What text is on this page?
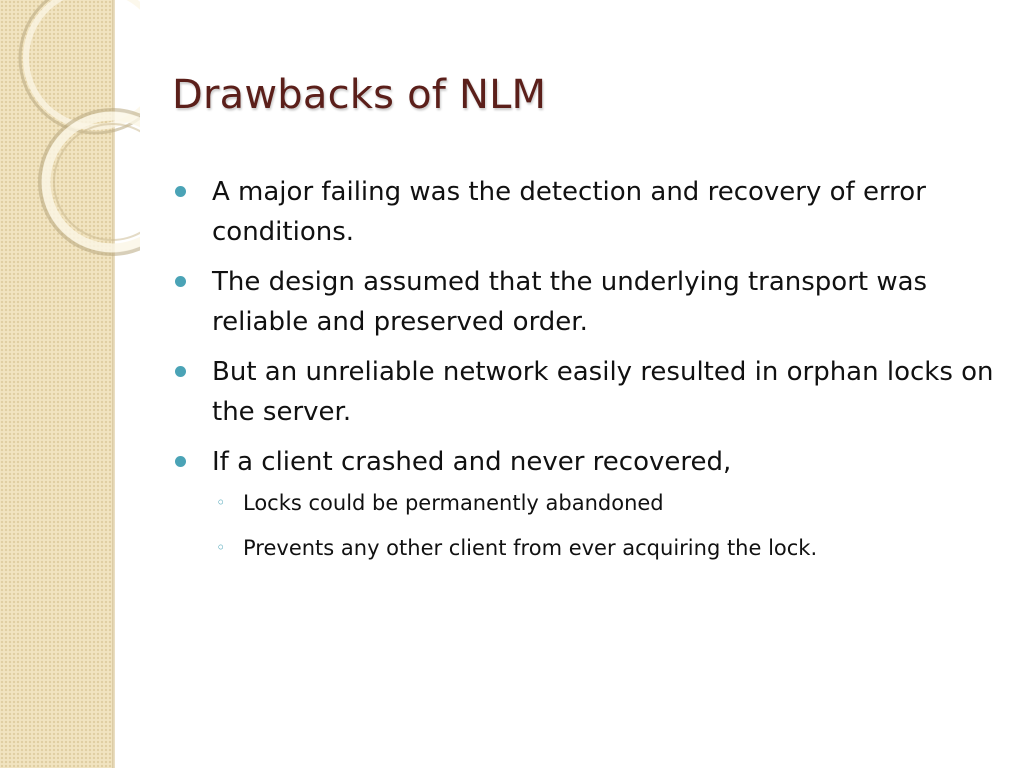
Drawbacks of NLM
A major failing was the detection and recovery of error conditions.
The design assumed that the underlying transport was reliable and preserved order.
But an unreliable network easily resulted in orphan locks on the server.
If a client crashed and never recovered,
◦ Locks could be permanently abandoned
◦ Prevents any other client from ever acquiring the lock.
